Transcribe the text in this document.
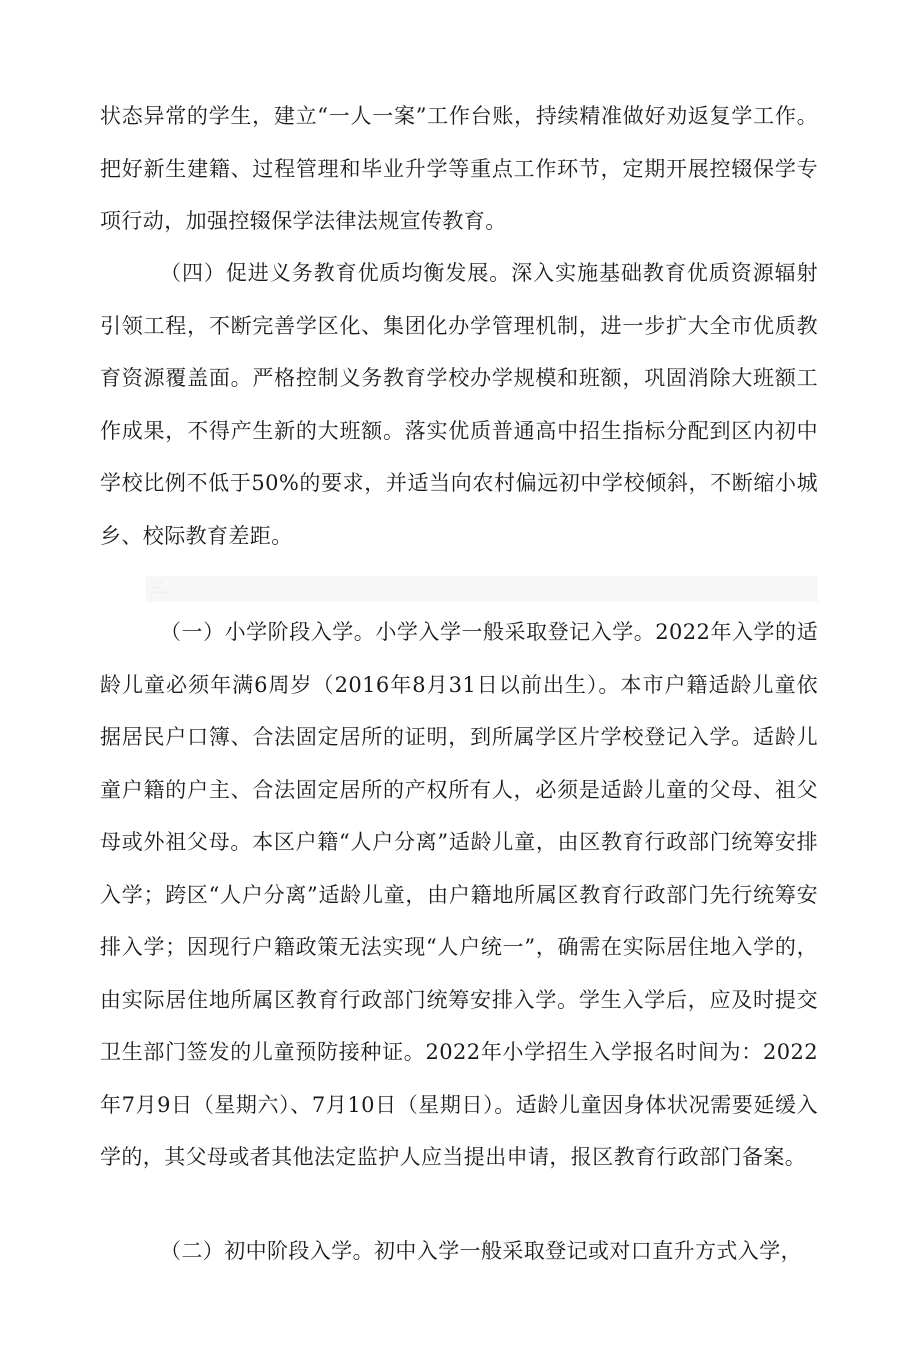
状态异常的学生，建立“一人一案”工作台账，持续精准做好劝返复学工作。把好新生建籍、过程管理和毕业升学等重点工作环节，定期开展控辍保学专项行动，加强控辍保学法律法规宣传教育。

（四）促进义务教育优质均衡发展。深入实施基础教育优质资源辐射引领工程，不断完善学区化、集团化办学管理机制，进一步扩大全市优质教育资源覆盖面。严格控制义务教育学校办学规模和班额，巩固消除大班额工作成果，不得产生新的大班额。落实优质普通高中招生指标分配到区内初中学校比例不低于50%的要求，并适当向农村偏远初中学校倾斜，不断缩小城乡、校际教育差距。

三、

（一）小学阶段入学。小学入学一般采取登记入学。2022年入学的适龄儿童必须年满6周岁（2016年8月31日以前出生）。本市户籍适龄儿童依据居民户口簿、合法固定居所的证明，到所属学区片学校登记入学。适龄儿童户籍的户主、合法固定居所的产权所有人，必须是适龄儿童的父母、祖父母或外祖父母。本区户籍“人户分离”适龄儿童，由区教育行政部门统筹安排入学；跨区“人户分离”适龄儿童，由户籍地所属区教育行政部门先行统筹安排入学；因现行户籍政策无法实现“人户统一”，确需在实际居住地入学的，由实际居住地所属区教育行政部门统筹安排入学。学生入学后，应及时提交卫生部门签发的儿童预防接种证。2022年小学招生入学报名时间为：2022年7月9日（星期六）、7月10日（星期日）。适龄儿童因身体状况需要延缓入学的，其父母或者其他法定监护人应当提出申请，报区教育行政部门备案。

（二）初中阶段入学。初中入学一般采取登记或对口直升方式入学，
